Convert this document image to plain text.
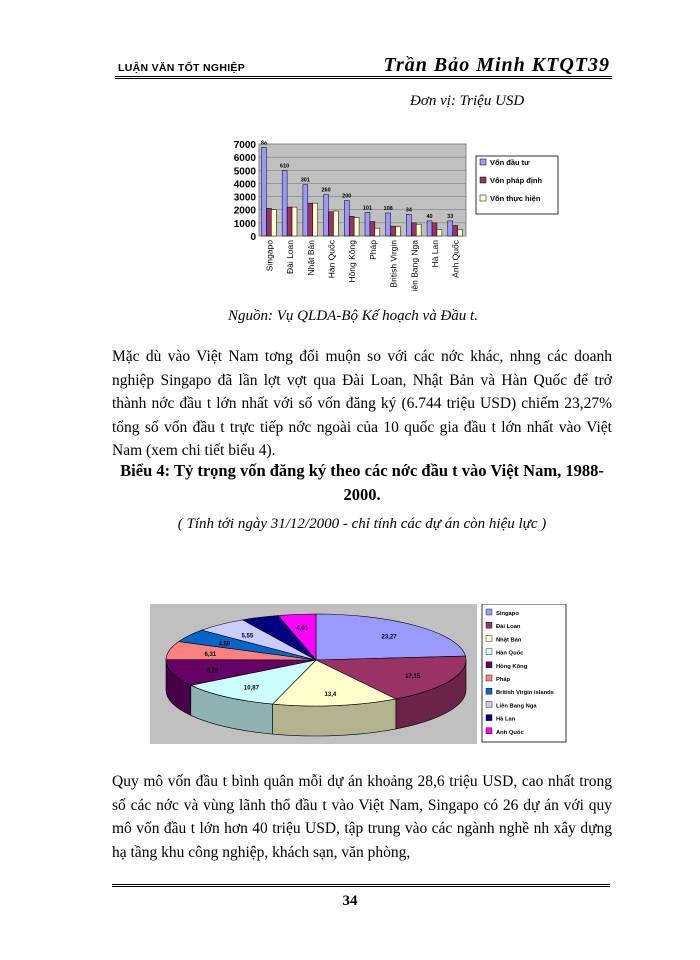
LUẬN VĂN TỐT NGHIỆP	Trần Bảo Minh KTQT39
Đơn vị: Triệu USD
0
1000
2000
3000
4000
5000
6000
7000 8a
Singapo
610
Đài Loan
301
Nhật Bản
260
Hàn Quốc
200
Hồng Kông
101
Pháp
108
British Virgin
34
iên Bang Nga
40
Hà Lan
33
Anh Quốc
Vốn đầu tư
Vốn pháp định
Vốn thực hiện
Nguồn: Vụ QLDA-Bộ Kế hoạch và Đầu t.

Mặc dù vào Việt Nam tơng đối muộn so với các nớc khác, nhng các doanh nghiệp Singapo đã lần lợt vợt qua Đài Loan, Nhật Bản và Hàn Quốc để trở thành nớc đầu t lớn nhất với số vốn đăng ký (6.744 triệu USD) chiếm 23,27% tổng số vốn đầu t trực tiếp nớc ngoài của 10 quốc gia đầu t lớn nhất vào Việt Nam (xem chi tiết biểu 4).

Biểu 4: Tỷ trọng vốn đăng ký theo các nớc đầu t vào Việt Nam, 1988-2000.
( Tính tới ngày 31/12/2000 - chỉ tính các dự án còn hiệu lực )
23,27
17,15
13,4
10,87
9,28
6,31
4,59
5,55
4,01
Singapo
Đài Loan
Nhật Bản
Hàn Quốc
Hồng Kông
Pháp
British Virgin islands
Liên Bang Nga
Hà Lan
Anh Quốc

Quy mô vốn đầu t bình quân mỗi dự án khoảng 28,6 triệu USD, cao nhất trong số các nớc và vùng lãnh thổ đầu t vào Việt Nam, Singapo có 26 dự án với quy mô vốn đầu t lớn hơn 40 triệu USD, tập trung vào các ngành nghề nh xây dựng hạ tầng khu công nghiệp, khách sạn, văn phòng,

34
